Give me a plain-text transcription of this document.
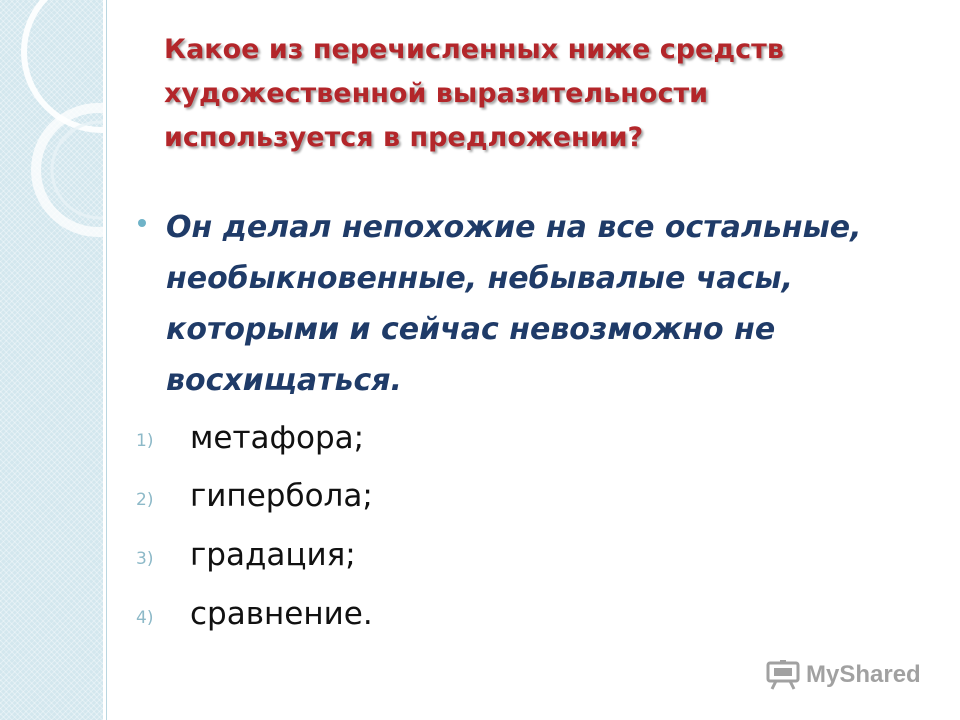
Какое из перечисленных ниже средств
художественной выразительности
используется в предложении?
Он делал непохожие на все остальные,
необыкновенные, небывалые часы,
которыми и сейчас невозможно не
восхищаться.
1) метафора;
2) гипербола;
3) градация;
4) сравнение.
MyShared
